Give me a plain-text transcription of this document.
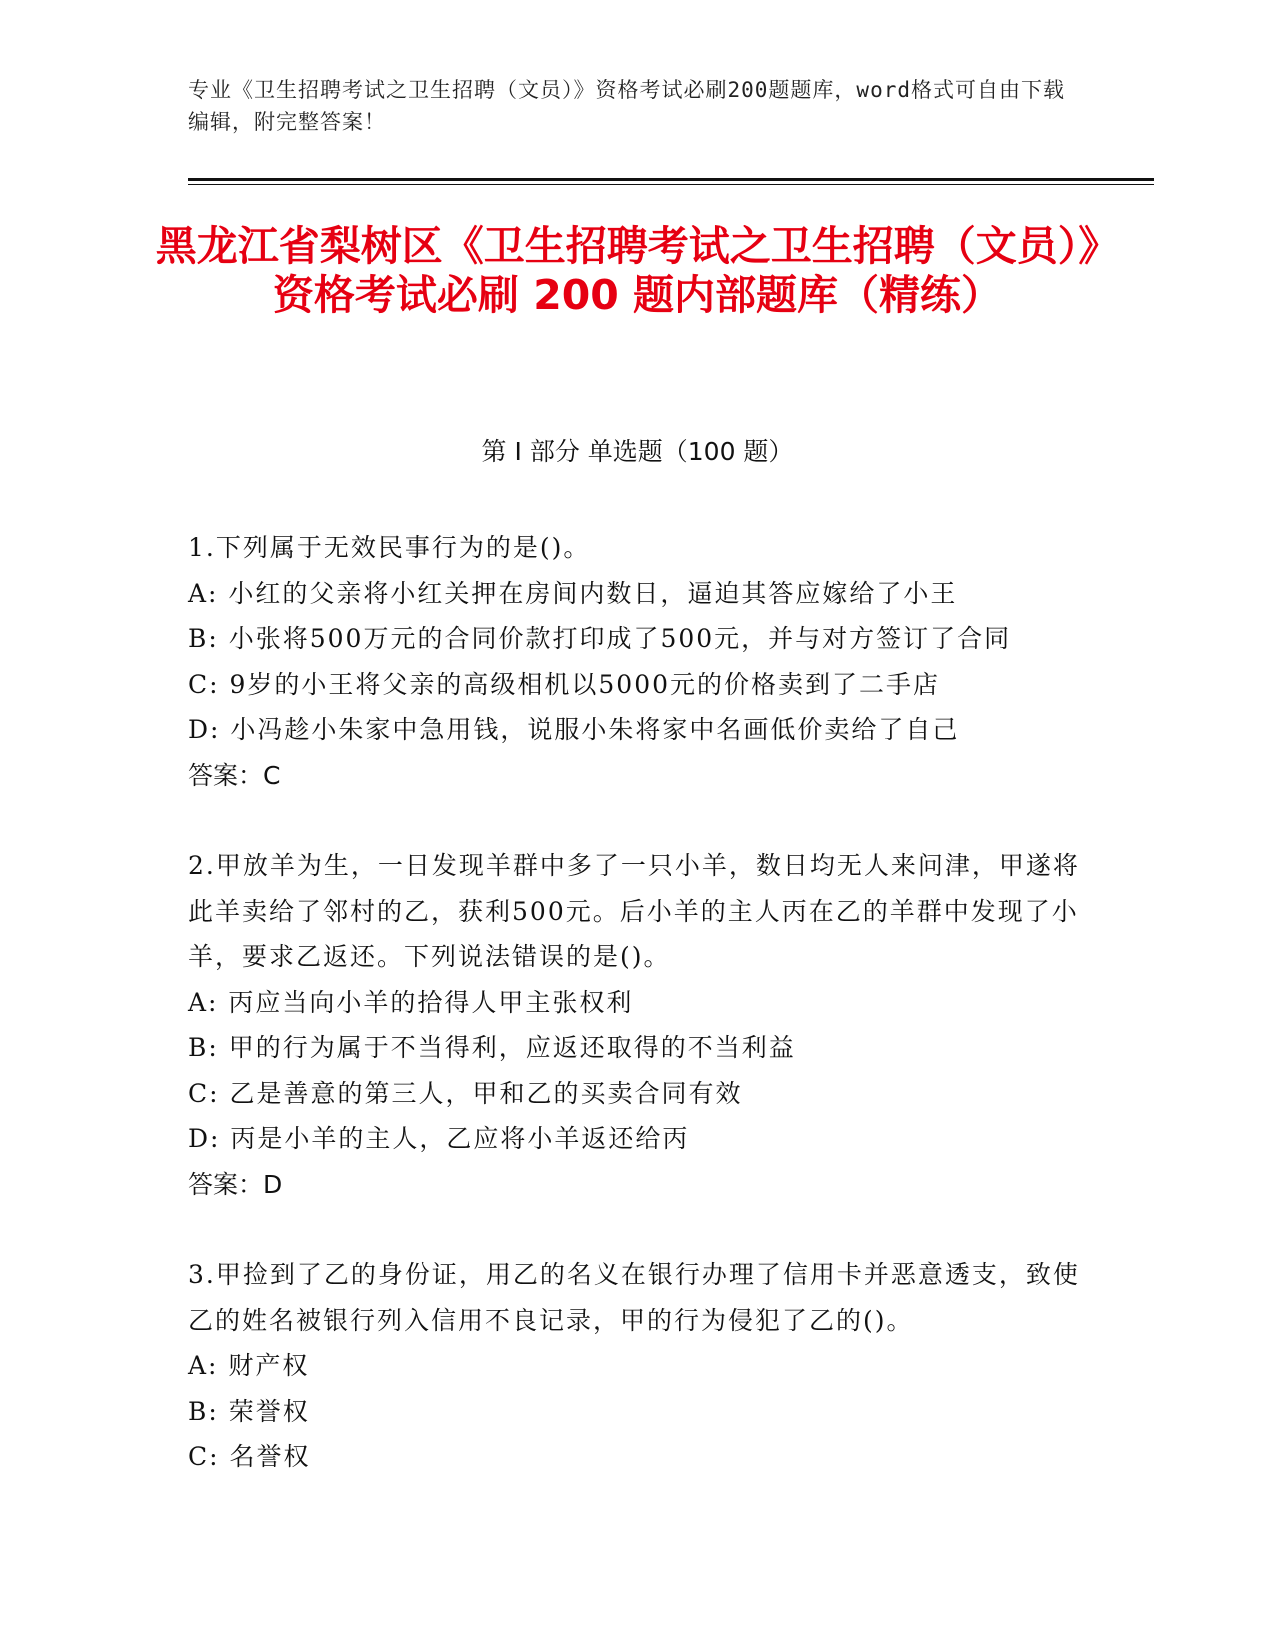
专业《卫生招聘考试之卫生招聘（文员）》资格考试必刷200题题库，word格式可自由下载编辑，附完整答案！
黑龙江省梨树区《卫生招聘考试之卫生招聘（文员）》资格考试必刷 200 题内部题库（精练）
第 I 部分 单选题（100 题）
1.下列属于无效民事行为的是()。
A: 小红的父亲将小红关押在房间内数日，逼迫其答应嫁给了小王
B: 小张将500万元的合同价款打印成了500元，并与对方签订了合同
C: 9岁的小王将父亲的高级相机以5000元的价格卖到了二手店
D: 小冯趁小朱家中急用钱，说服小朱将家中名画低价卖给了自己
答案：C
2.甲放羊为生，一日发现羊群中多了一只小羊，数日均无人来问津，甲遂将此羊卖给了邻村的乙，获利500元。后小羊的主人丙在乙的羊群中发现了小羊，要求乙返还。下列说法错误的是()。
A: 丙应当向小羊的拾得人甲主张权利
B: 甲的行为属于不当得利，应返还取得的不当利益
C: 乙是善意的第三人，甲和乙的买卖合同有效
D: 丙是小羊的主人，乙应将小羊返还给丙
答案：D
3.甲捡到了乙的身份证，用乙的名义在银行办理了信用卡并恶意透支，致使乙的姓名被银行列入信用不良记录，甲的行为侵犯了乙的()。
A: 财产权
B: 荣誉权
C: 名誉权
